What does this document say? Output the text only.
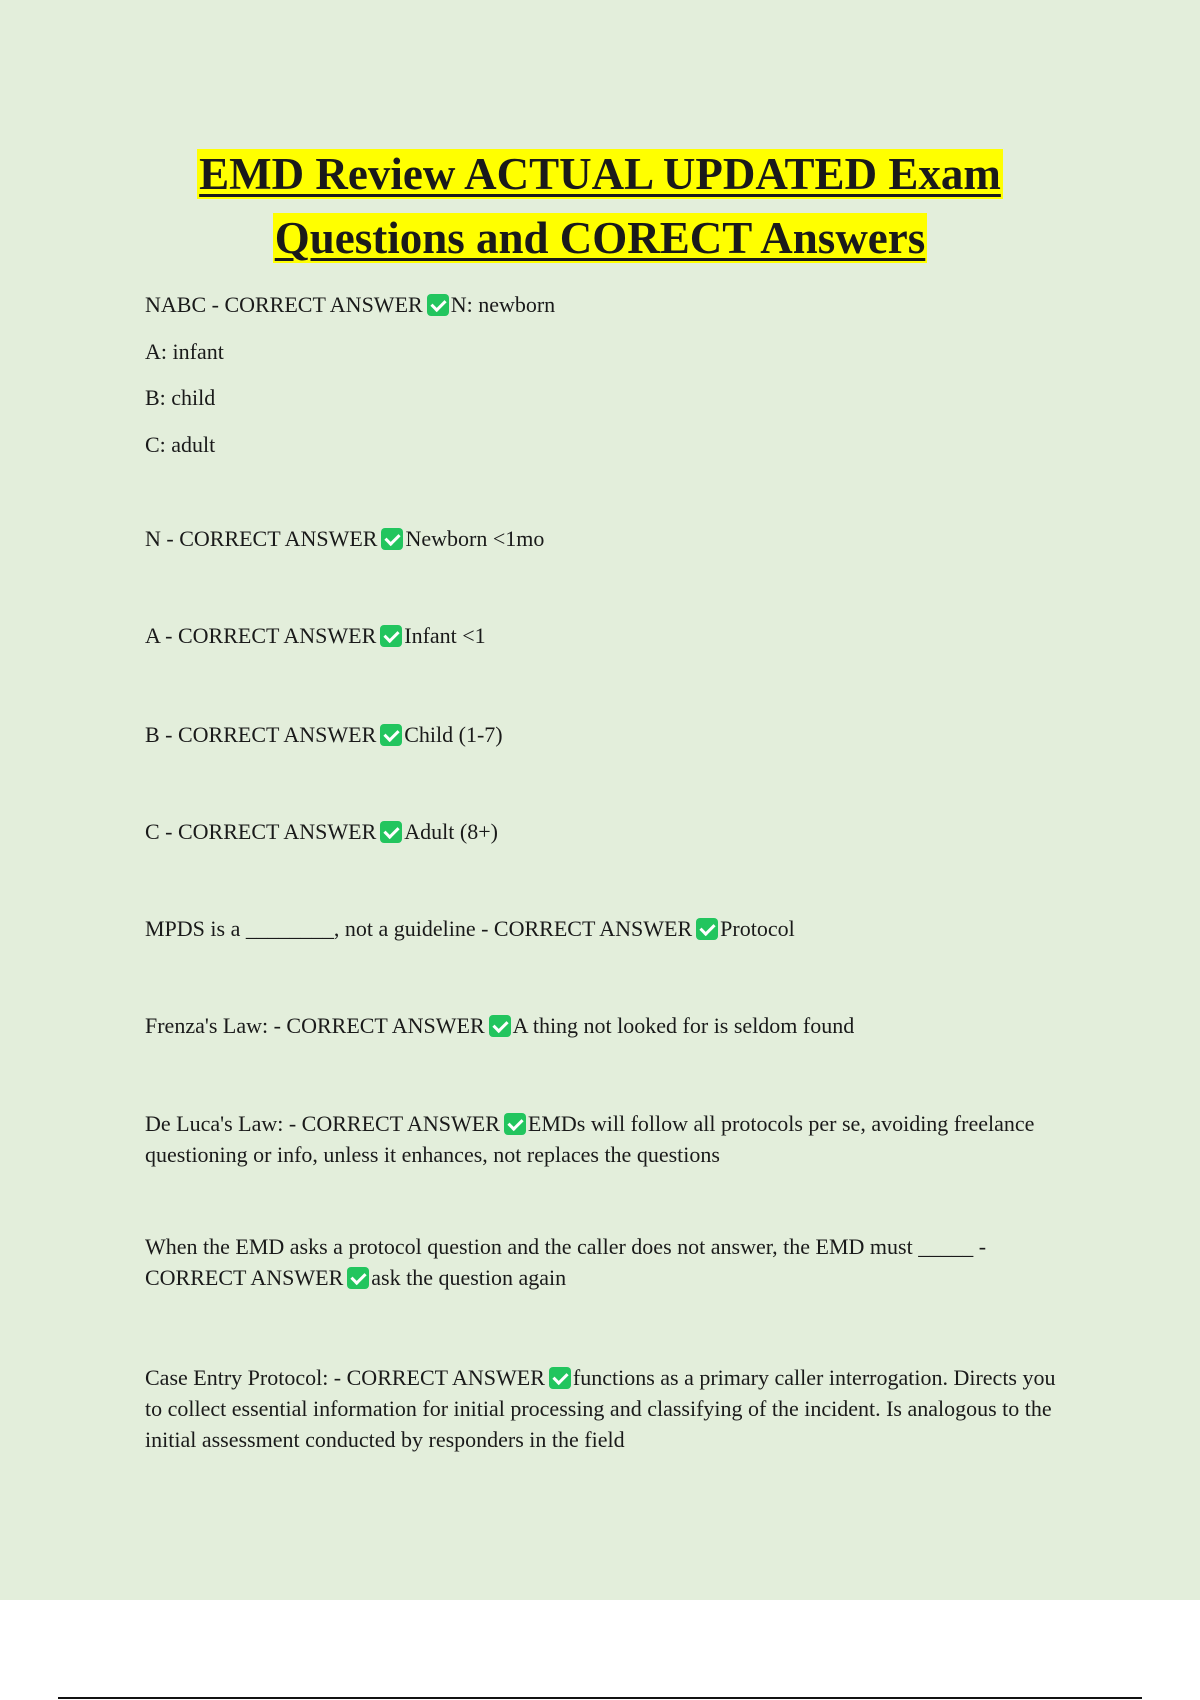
EMD Review ACTUAL UPDATED Exam
Questions and CORECT Answers

NABC - CORRECT ANSWER N: newborn

A: infant

B: child

C: adult

N - CORRECT ANSWER Newborn <1mo

A - CORRECT ANSWER Infant <1

B - CORRECT ANSWER Child (1-7)

C - CORRECT ANSWER Adult (8+)

MPDS is a ________, not a guideline - CORRECT ANSWER Protocol

Frenza's Law: - CORRECT ANSWER A thing not looked for is seldom found

De Luca's Law: - CORRECT ANSWER EMDs will follow all protocols per se, avoiding freelance questioning or info, unless it enhances, not replaces the questions

When the EMD asks a protocol question and the caller does not answer, the EMD must _____ - CORRECT ANSWER ask the question again

Case Entry Protocol: - CORRECT ANSWER functions as a primary caller interrogation. Directs you to collect essential information for initial processing and classifying of the incident. Is analogous to the initial assessment conducted by responders in the field
